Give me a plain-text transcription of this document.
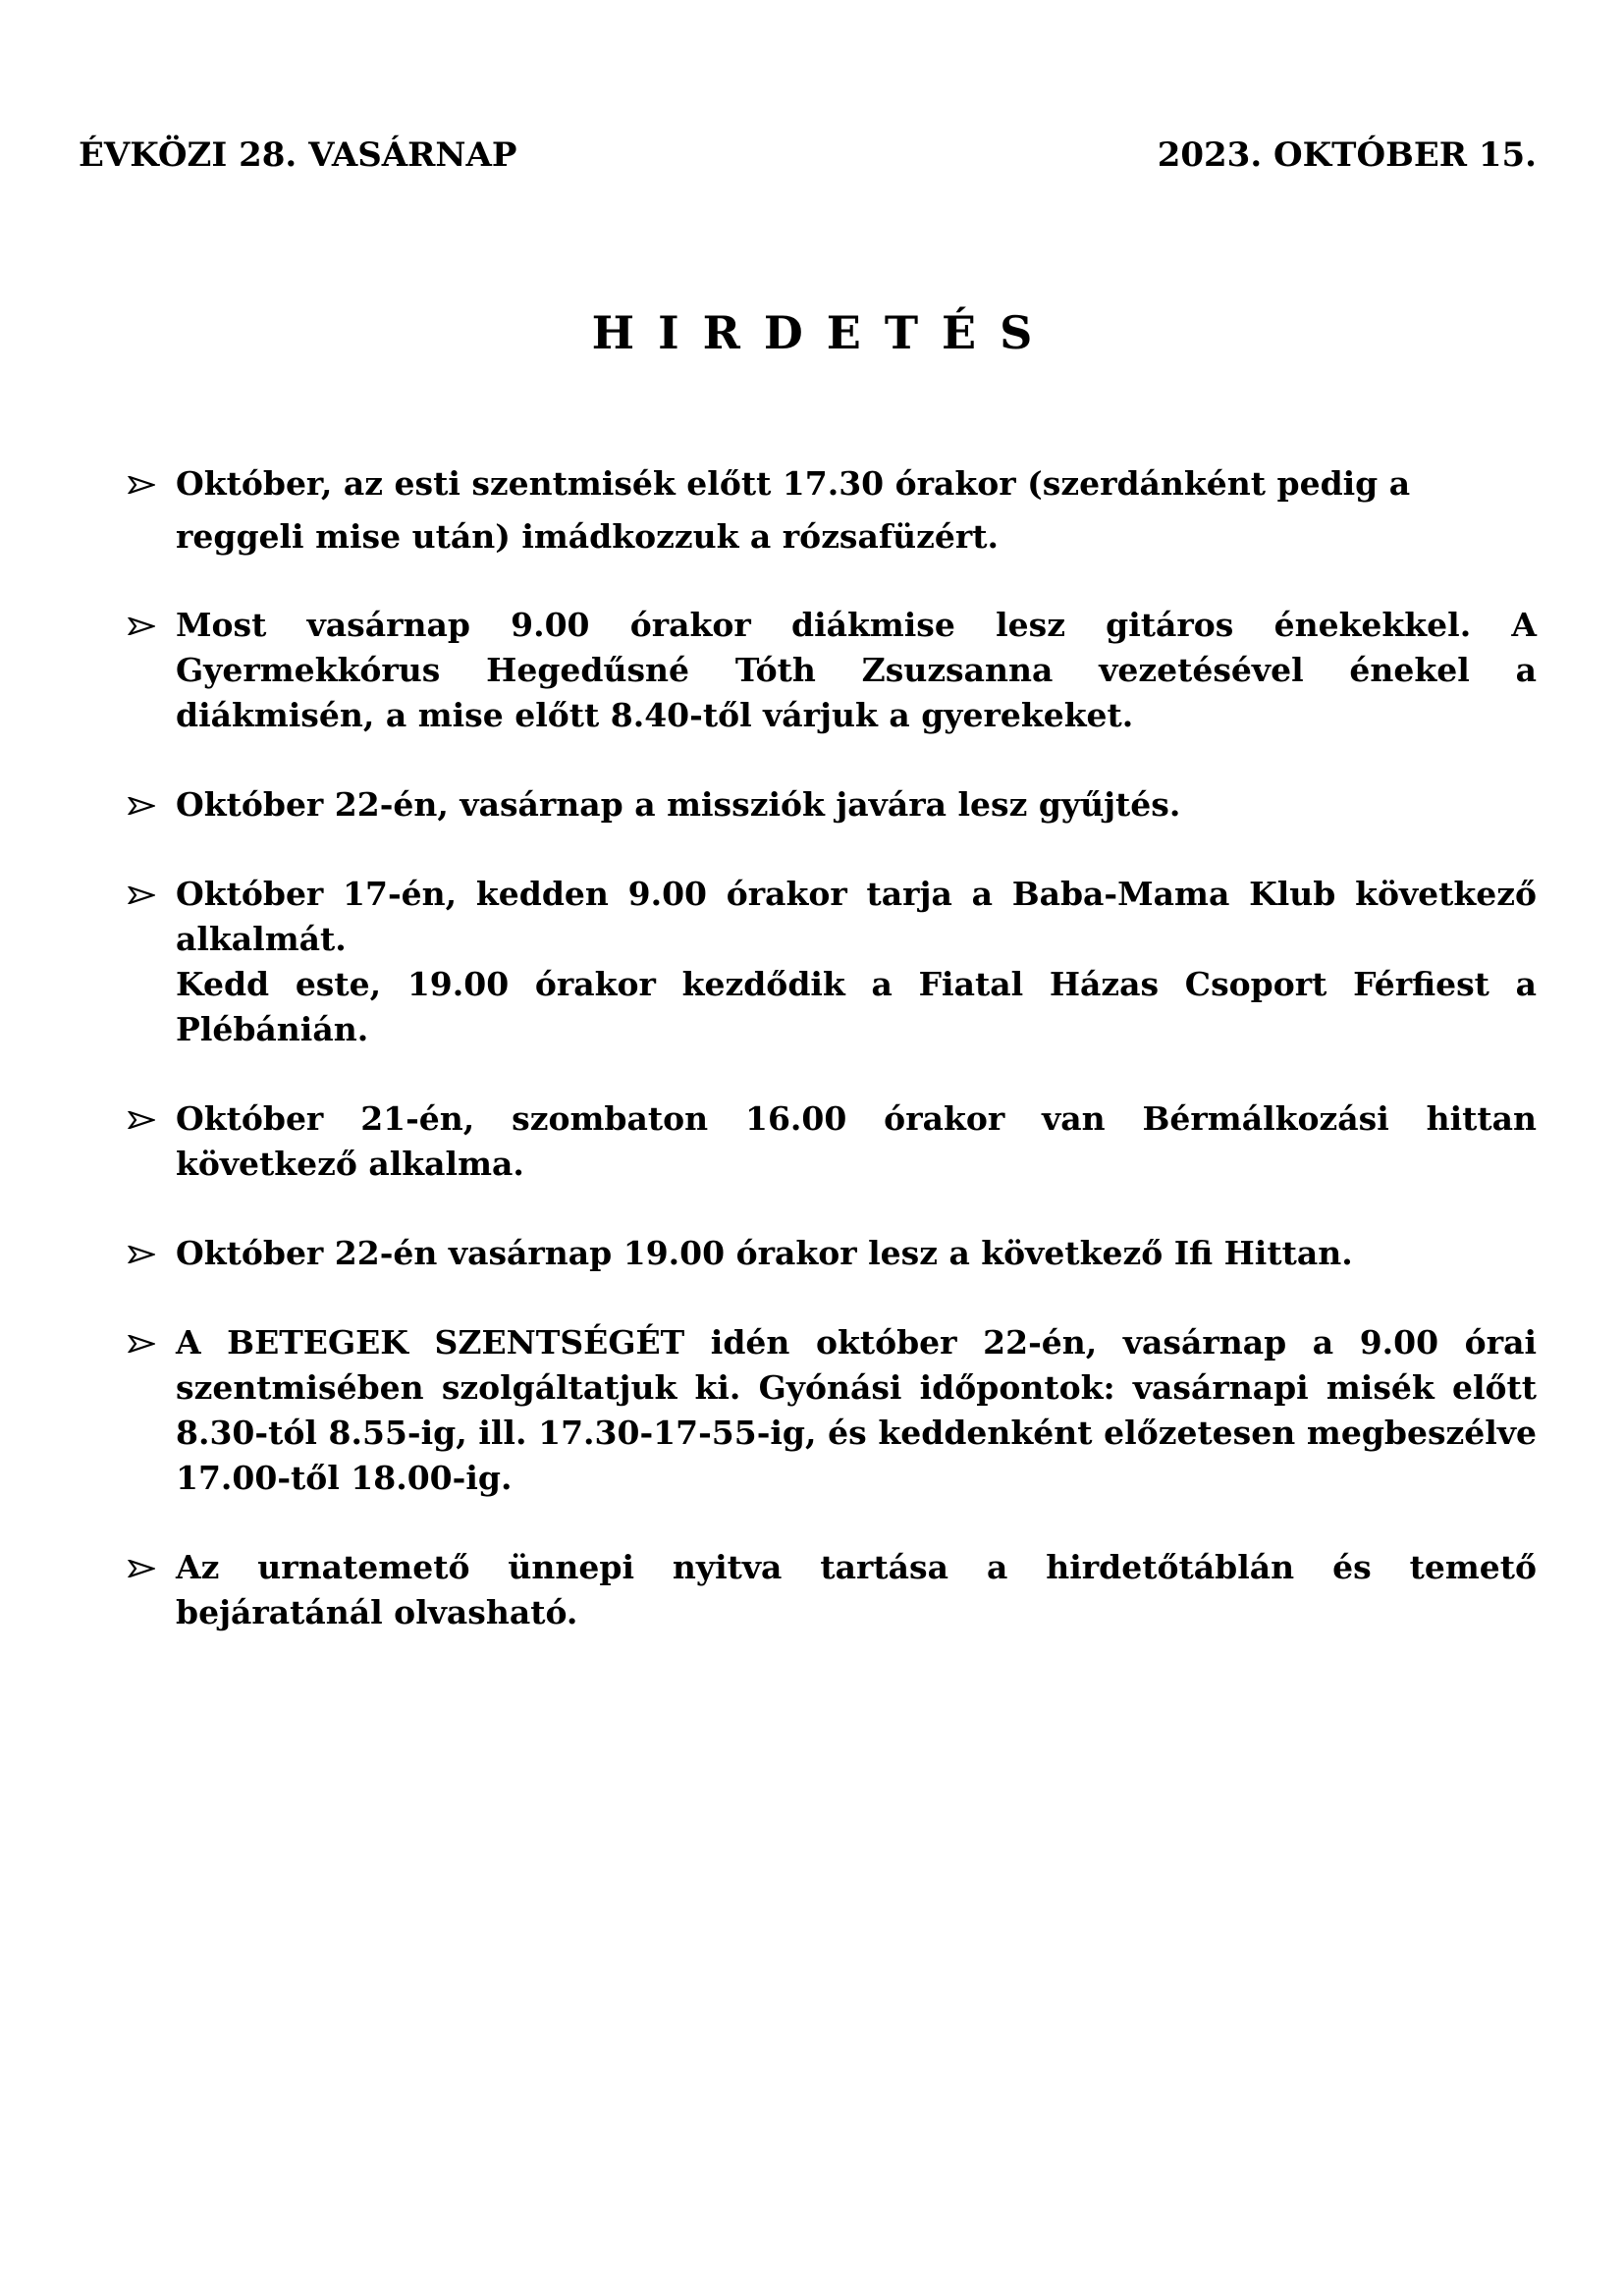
ÉVKÖZI 28. VASÁRNAP	2023. OKTÓBER 15.
HIRDETÉS
Október, az esti szentmisék előtt 17.30 órakor (szerdánként pedig a reggeli mise után) imádkozzuk a rózsafüzért.
Most vasárnap 9.00 órakor diákmise lesz gitáros énekekkel. A Gyermekkórus Hegedűsné Tóth Zsuzsanna vezetésével énekel a diákmisén, a mise előtt 8.40-től várjuk a gyerekeket.
Október 22-én, vasárnap a missziók javára lesz gyűjtés.
Október 17-én, kedden 9.00 órakor tarja a Baba-Mama Klub következő alkalmát.
Kedd este, 19.00 órakor kezdődik a Fiatal Házas Csoport Férfiest a Plébánián.
Október 21-én, szombaton 16.00 órakor van Bérmálkozási hittan következő alkalma.
Október 22-én vasárnap 19.00 órakor lesz a következő Ifi Hittan.
A BETEGEK SZENTSÉGÉT idén október 22-én, vasárnap a 9.00 órai szentmisében szolgáltatjuk ki. Gyónási időpontok: vasárnapi misék előtt 8.30-tól 8.55-ig, ill. 17.30-17-55-ig, és keddenként előzetesen megbeszélve 17.00-től 18.00-ig.
Az urnatemető ünnepi nyitva tartása a hirdetőtáblán és temető bejáratánál olvasható.
